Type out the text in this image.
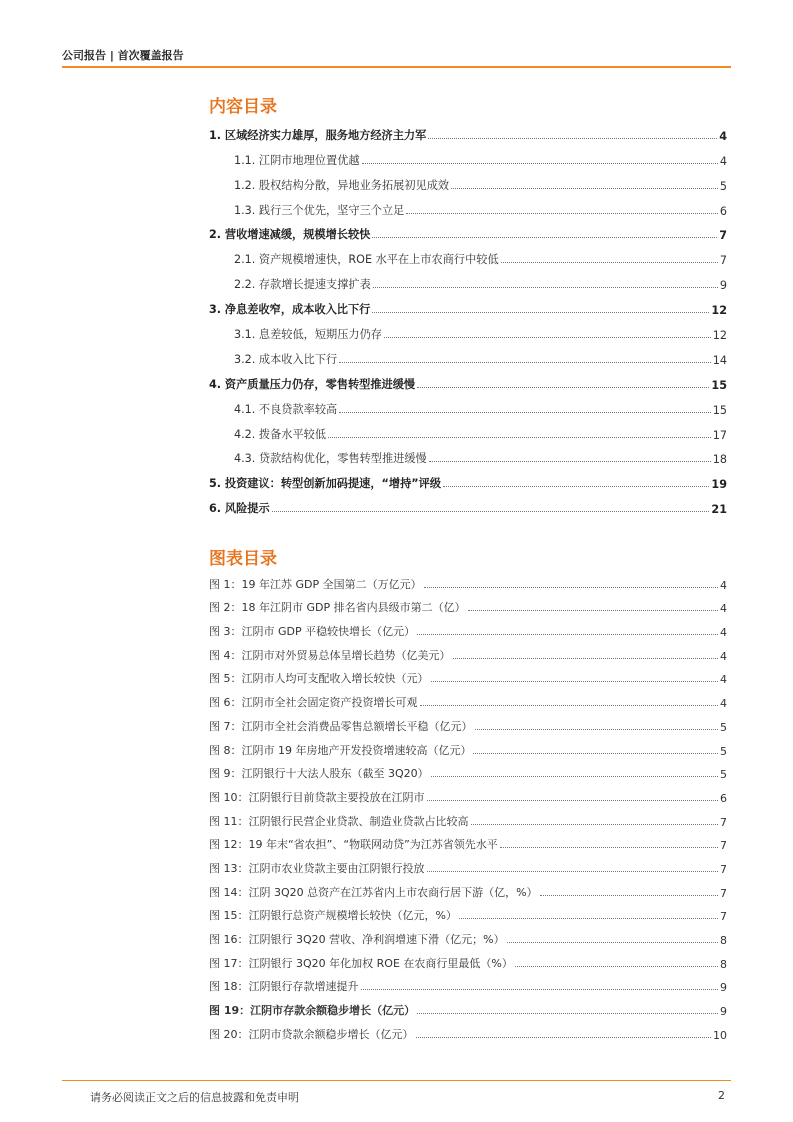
公司报告 | 首次覆盖报告
内容目录
1. 区域经济实力雄厚，服务地方经济主力军	4
1.1. 江阴市地理位置优越	4
1.2. 股权结构分散，异地业务拓展初见成效	5
1.3. 践行三个优先，坚守三个立足	6
2. 营收增速减缓，规模增长较快	7
2.1. 资产规模增速快，ROE 水平在上市农商行中较低	7
2.2. 存款增长提速支撑扩表	9
3. 净息差收窄，成本收入比下行	12
3.1. 息差较低，短期压力仍存	12
3.2. 成本收入比下行	14
4. 资产质量压力仍存，零售转型推进缓慢	15
4.1. 不良贷款率较高	15
4.2. 拨备水平较低	17
4.3. 贷款结构优化，零售转型推进缓慢	18
5. 投资建议：转型创新加码提速，“增持”评级	19
6. 风险提示	21
图表目录
图 1：19 年江苏 GDP 全国第二（万亿元）	4
图 2：18 年江阴市 GDP 排名省内县级市第二（亿）	4
图 3：江阴市 GDP 平稳较快增长（亿元）	4
图 4：江阴市对外贸易总体呈增长趋势（亿美元）	4
图 5：江阴市人均可支配收入增长较快（元）	4
图 6：江阴市全社会固定资产投资增长可观	4
图 7：江阴市全社会消费品零售总额增长平稳（亿元）	5
图 8：江阴市 19 年房地产开发投资增速较高（亿元）	5
图 9：江阴银行十大法人股东（截至 3Q20）	5
图 10：江阴银行目前贷款主要投放在江阴市	6
图 11：江阴银行民营企业贷款、制造业贷款占比较高	7
图 12：19 年末“省农担”、“物联网动贷”为江苏省领先水平	7
图 13：江阴市农业贷款主要由江阴银行投放	7
图 14：江阴 3Q20 总资产在江苏省内上市农商行居下游（亿，%）	7
图 15：江阴银行总资产规模增长较快（亿元，%）	7
图 16：江阴银行 3Q20 营收、净利润增速下滑（亿元；%）	8
图 17：江阴银行 3Q20 年化加权 ROE 在农商行里最低（%）	8
图 18：江阴银行存款增速提升	9
图 19：江阴市存款余额稳步增长（亿元）	9
图 20：江阴市贷款余额稳步增长（亿元）	10
请务必阅读正文之后的信息披露和免责申明	2
